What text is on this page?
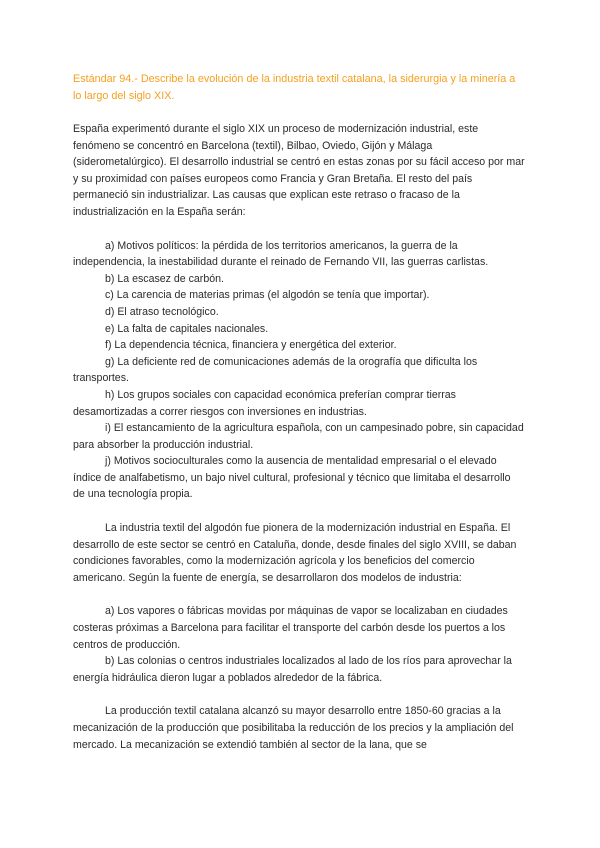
Estándar 94.- Describe la evolución de la industria textil catalana, la siderurgia y la minería a lo largo del siglo XIX.

España experimentó durante el siglo XIX un proceso de modernización industrial, este fenómeno se concentró en Barcelona (textil), Bilbao, Oviedo, Gijón y Málaga (siderometalúrgico). El desarrollo industrial se centró en estas zonas por su fácil acceso por mar y su proximidad con países europeos como Francia y Gran Bretaña. El resto del país permaneció sin industrializar. Las causas que explican este retraso o fracaso de la industrialización en la España serán:

a) Motivos políticos: la pérdida de los territorios americanos, la guerra de la independencia, la inestabilidad durante el reinado de Fernando VII, las guerras carlistas.

b) La escasez de carbón.

c) La carencia de materias primas (el algodón se tenía que importar).

d) El atraso tecnológico.

e) La falta de capitales nacionales.

f) La dependencia técnica, financiera y energética del exterior.

g) La deficiente red de comunicaciones además de la orografía que dificulta los transportes.

h) Los grupos sociales con capacidad económica preferían comprar tierras desamortizadas a correr riesgos con inversiones en industrias.

i) El estancamiento de la agricultura española, con un campesinado pobre, sin capacidad para absorber la producción industrial.

j) Motivos socioculturales como la ausencia de mentalidad empresarial o el elevado índice de analfabetismo, un bajo nivel cultural, profesional y técnico que limitaba el desarrollo de una tecnología propia.

La industria textil del algodón fue pionera de la modernización industrial en España. El desarrollo de este sector se centró en Cataluña, donde, desde finales del siglo XVIII, se daban condiciones favorables, como la modernización agrícola y los beneficios del comercio americano. Según la fuente de energía, se desarrollaron dos modelos de industria:

a) Los vapores o fábricas movidas por máquinas de vapor se localizaban en ciudades costeras próximas a Barcelona para facilitar el transporte del carbón desde los puertos a los centros de producción.

b) Las colonias o centros industriales localizados al lado de los ríos para aprovechar la energía hidráulica dieron lugar a poblados alrededor de la fábrica.

La producción textil catalana alcanzó su mayor desarrollo entre 1850-60 gracias a la mecanización de la producción que posibilitaba la reducción de los precios y la ampliación del mercado. La mecanización se extendió también al sector de la lana, que se
